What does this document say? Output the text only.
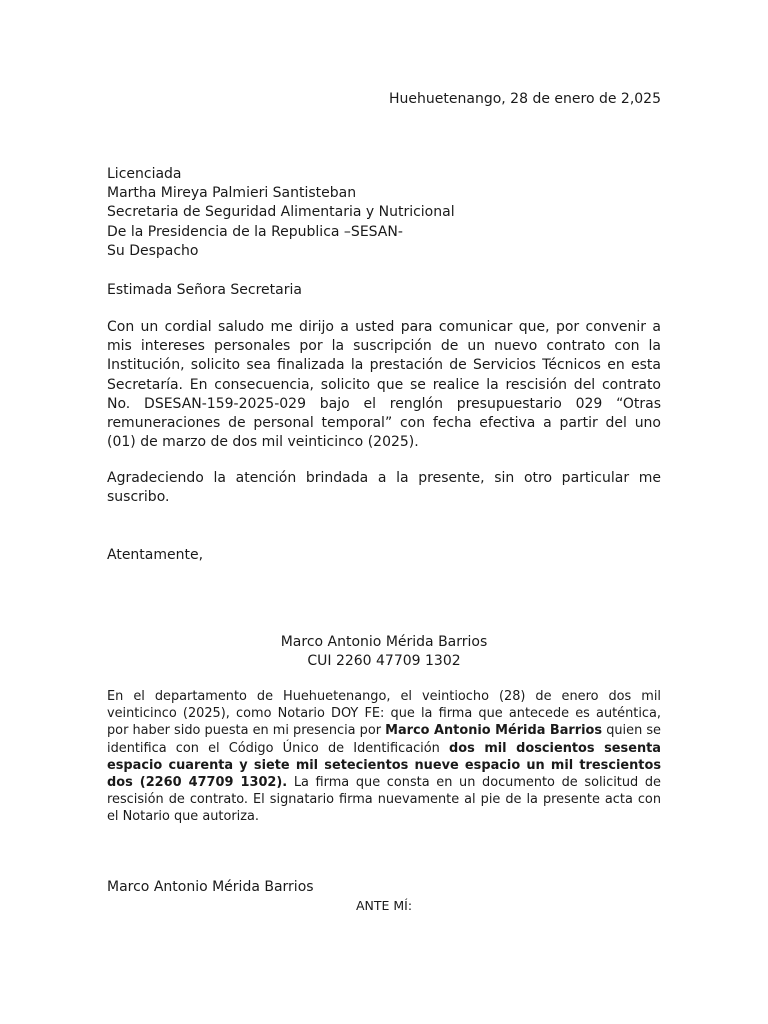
Huehuetenango, 28 de enero de 2,025

Licenciada
Martha Mireya Palmieri Santisteban
Secretaria de Seguridad Alimentaria y Nutricional
De la Presidencia de la Republica –SESAN-
Su Despacho

Estimada Señora Secretaria

Con un cordial saludo me dirijo a usted para comunicar que, por convenir a mis intereses personales por la suscripción de un nuevo contrato con la Institución, solicito sea finalizada la prestación de Servicios Técnicos en esta Secretaría. En consecuencia, solicito que se realice la rescisión del contrato No. DSESAN-159-2025-029 bajo el renglón presupuestario 029 “Otras remuneraciones de personal temporal” con fecha efectiva a partir del uno (01) de marzo de dos mil veinticinco (2025).

Agradeciendo la atención brindada a la presente, sin otro particular me suscribo.

Atentamente,

Marco Antonio Mérida Barrios
CUI 2260 47709 1302

En el departamento de Huehuetenango, el veintiocho (28) de enero dos mil veinticinco (2025), como Notario DOY FE: que la firma que antecede es auténtica, por haber sido puesta en mi presencia por Marco Antonio Mérida Barrios quien se identifica con el Código Único de Identificación dos mil doscientos sesenta espacio cuarenta y siete mil setecientos nueve espacio un mil trescientos dos (2260 47709 1302). La firma que consta en un documento de solicitud de rescisión de contrato. El signatario firma nuevamente al pie de la presente acta con el Notario que autoriza.

Marco Antonio Mérida Barrios

ANTE MÍ:
